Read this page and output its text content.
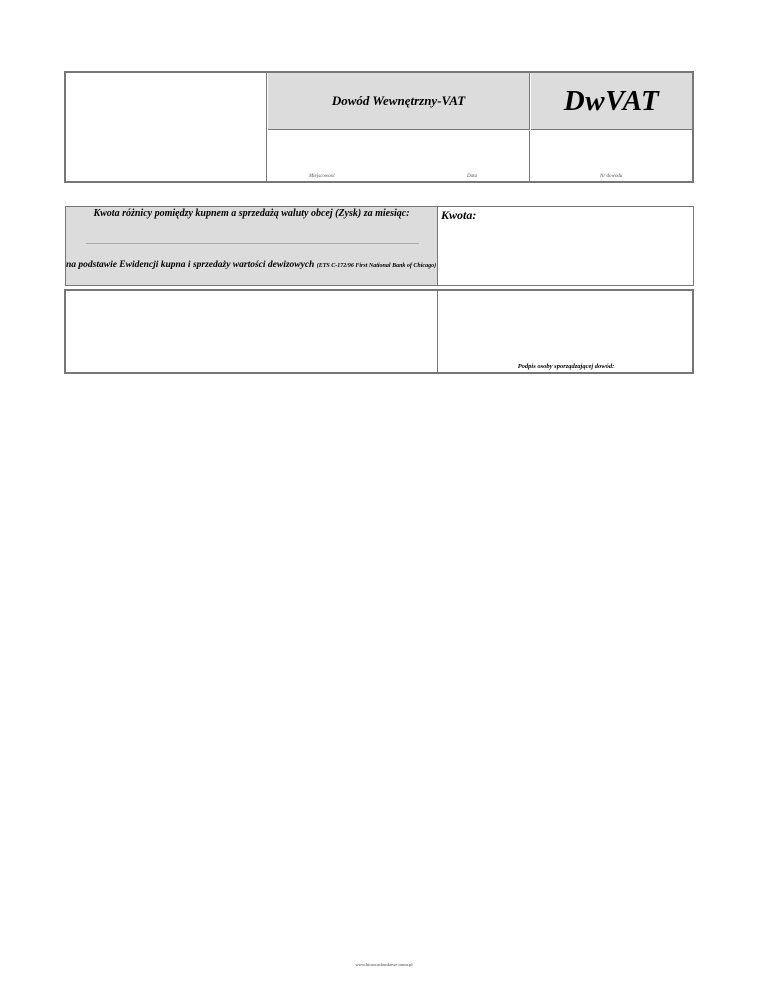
Dowód Wewnętrzny-VAT	DwVAT
Miejscowość	Data	Nr dowodu
Kwota różnicy pomiędzy kupnem a sprzedażą waluty obcej (Zysk) za miesiąc:
na podstawie Ewidencji kupna i sprzedaży wartości dewizowych (ETS C-172/96 First National Bank of Chicago)
Kwota:
Podpis osoby sporządzającej dowód:
www.biurorachunkowe.tonsa.pl
